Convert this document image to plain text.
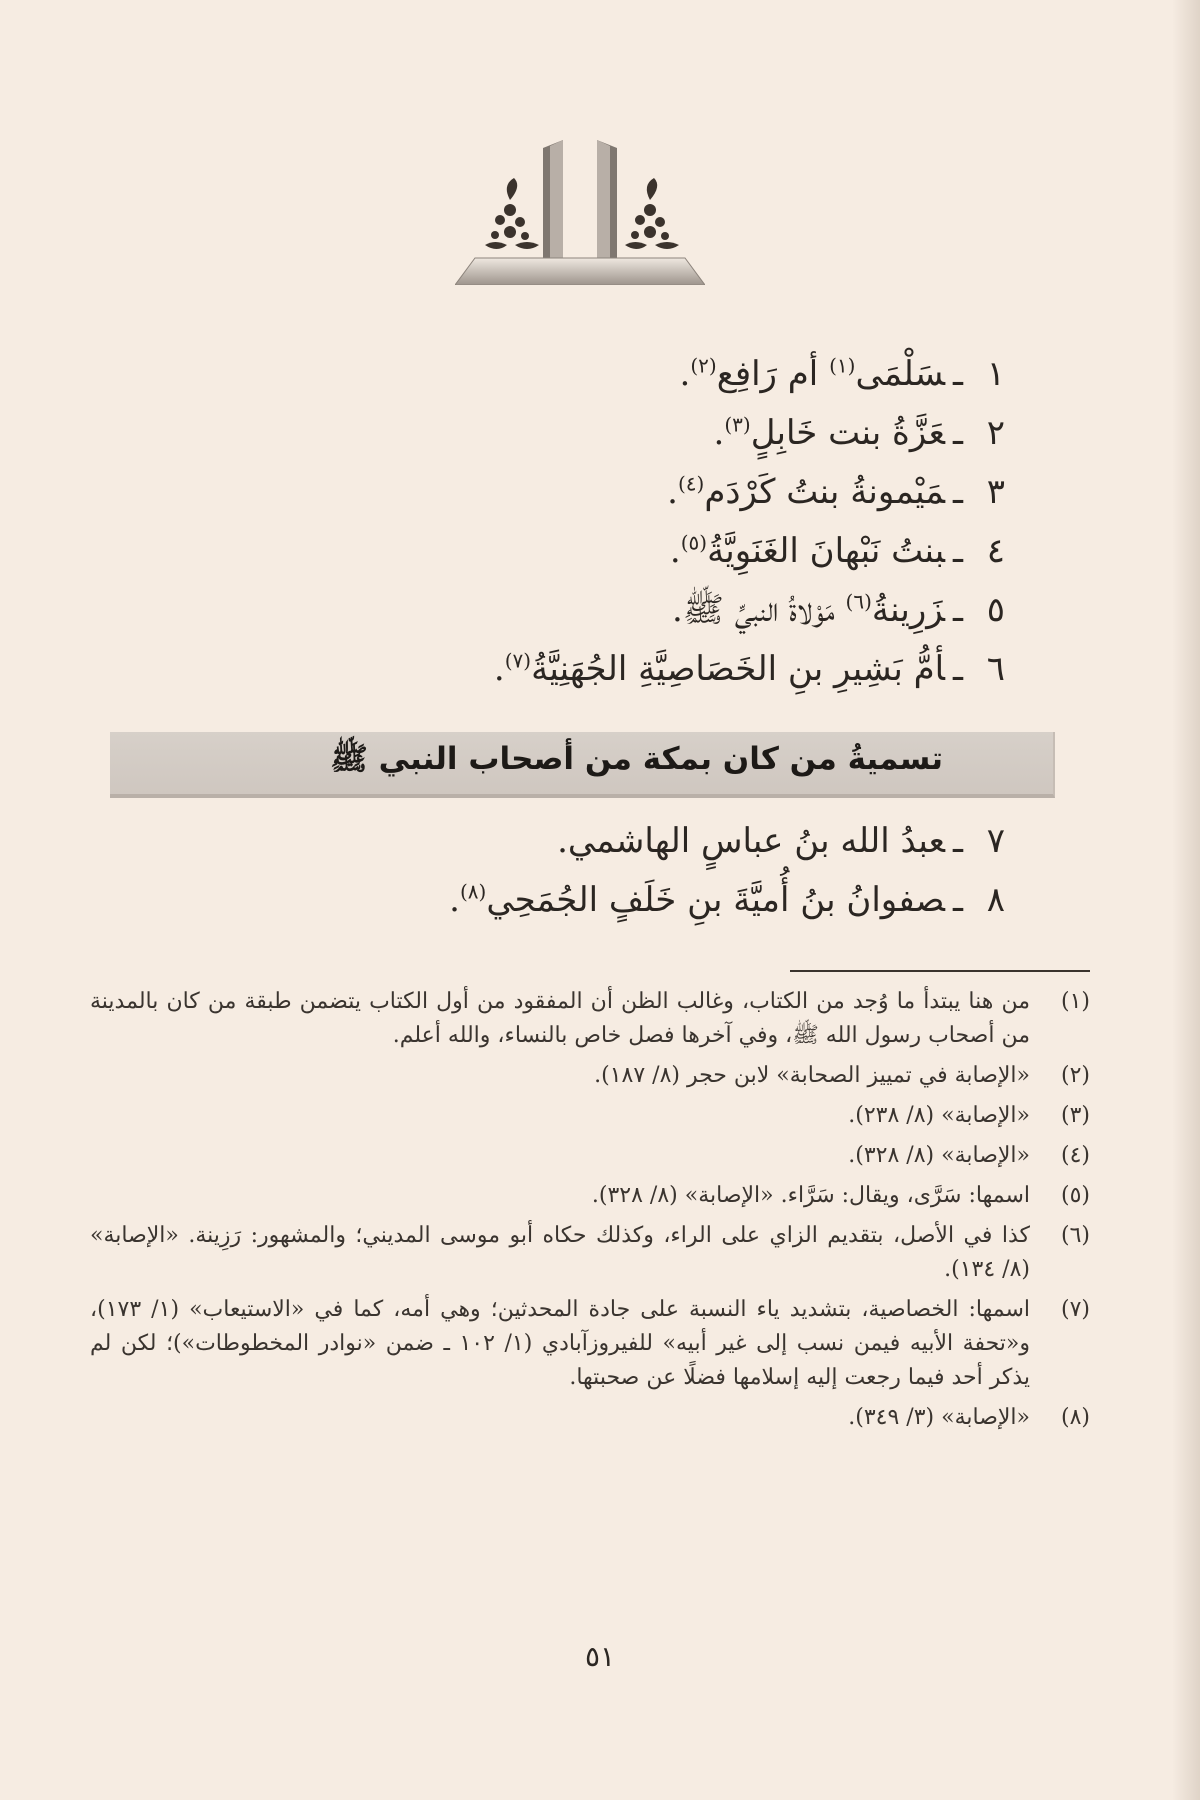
١ـسَلْمَى$^{(١)}$ أم رَافِع$^{(٢)}$.
٢ـعَزَّةُ بنت خَابِلٍ$^{(٣)}$.
٣ـمَيْمونةُ بنتُ كَرْدَم$^{(٤)}$.
٤ـبنتُ نَبْهانَ الغَنَوِيَّةُ$^{(٥)}$.
٥ـزَرِينةُ$^{(٦)}$ مَوْلاةُ النبيِّ ﷺ.
٦ـأمُّ بَشِيرِ بنِ الخَصَاصِيَّةِ الجُهَنِيَّةُ$^{(٧)}$.
تسميةُ من كان بمكة من أصحاب النبي ﷺ
٧ـعبدُ الله بنُ عباسٍ الهاشمي.
٨ـصفوانُ بنُ أُميَّةَ بنِ خَلَفٍ الجُمَحِي$^{(٨)}$.
(١)
من هنا يبتدأ ما وُجد من الكتاب، وغالب الظن أن المفقود من أول الكتاب يتضمن طبقة من كان بالمدينة من أصحاب رسول الله ﷺ، وفي آخرها فصل خاص بالنساء، والله أعلم.
(٢)
«الإصابة في تمييز الصحابة» لابن حجر (٨/ ١٨٧).
(٣)
«الإصابة» (٨/ ٢٣٨).
(٤)
«الإصابة» (٨/ ٣٢٨).
(٥)
اسمها: سَرَّى، ويقال: سَرَّاء. «الإصابة» (٨/ ٣٢٨).
(٦)
كذا في الأصل، بتقديم الزاي على الراء، وكذلك حكاه أبو موسى المديني؛ والمشهور: رَزِينة. «الإصابة» (٨/ ١٣٤).
(٧)
اسمها: الخصاصية، بتشديد ياء النسبة على جادة المحدثين؛ وهي أمه، كما في «الاستيعاب» (١/ ١٧٣)، و«تحفة الأبيه فيمن نسب إلى غير أبيه» للفيروزآبادي (١/ ١٠٢ ـ ضمن «نوادر المخطوطات»)؛ لكن لم يذكر أحد فيما رجعت إليه إسلامها فضلًا عن صحبتها.
(٨)
«الإصابة» (٣/ ٣٤٩).
٥١
